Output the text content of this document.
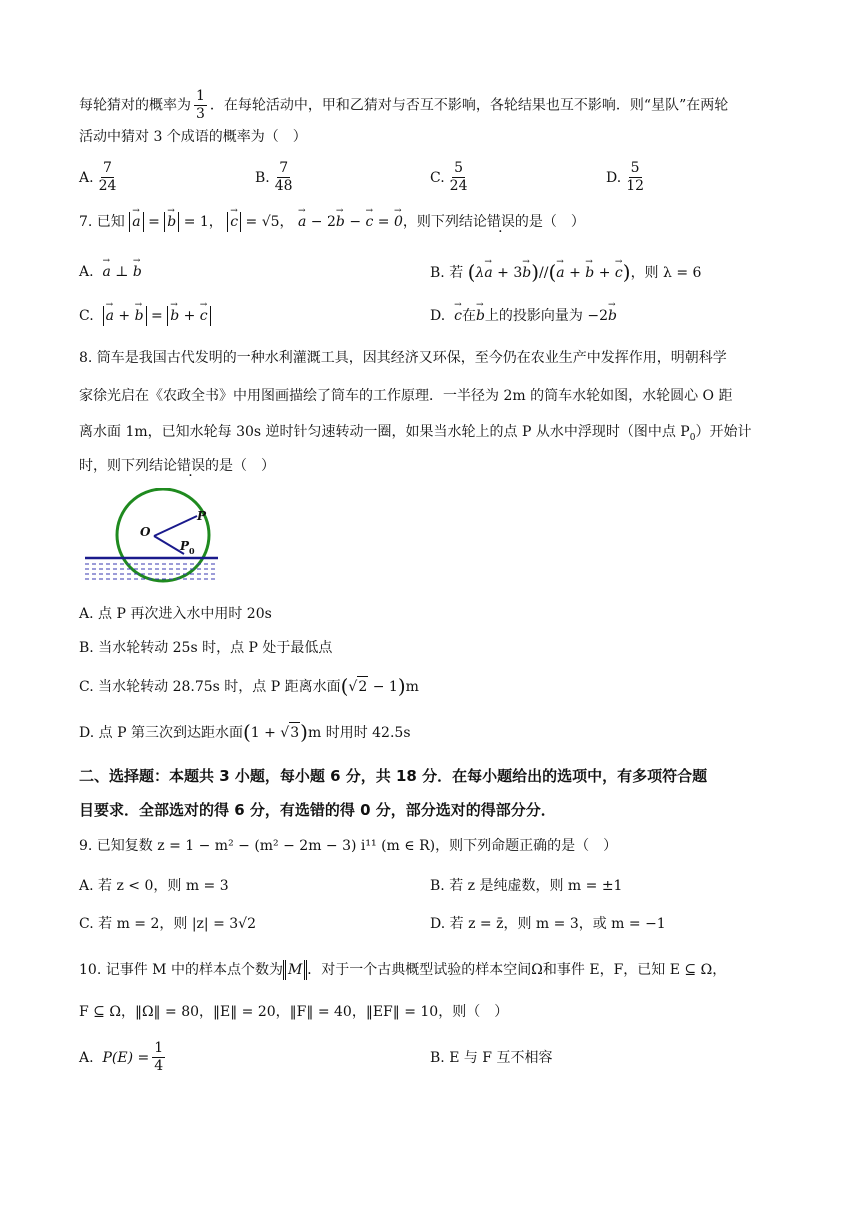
每轮猜对的概率为 $\frac{1}{3}$ ．在每轮活动中，甲和乙猜对与否互不影响，各轮结果也互不影响．则“星队”在两轮
活动中猜对 3 个成语的概率为（　）
A. $\frac{7}{24}$	B. $\frac{7}{48}$	C. $\frac{5}{24}$	D. $\frac{5}{12}$
7. 已知 → a = → b = 1， → c = √5， → a − 2→ b − → c = → 0，则下列结论错误的是（　）
A. → a ⊥ → b	B. 若 (λ→ a + 3→ b)//(→ a + → b + → c)，则 λ = 6
C. → a + → b = → b + → c	D. → c在→ b上的投影向量为 −2→ b
8. 筒车是我国古代发明的一种水利灌溉工具，因其经济又环保，至今仍在农业生产中发挥作用，明朝科学
家徐光启在《农政全书》中用图画描绘了筒车的工作原理．一半径为 2m 的筒车水轮如图，水轮圆心 O 距
离水面 1m，已知水轮每 30s 逆时针匀速转动一圈，如果当水轮上的点 P 从水中浮现时（图中点 $P_0$）开始计
时，则下列结论错误的是（　）
O
P
P 0
A. 点 P 再次进入水中用时 20s
B. 当水轮转动 25s 时，点 P 处于最低点
C. 当水轮转动 28.75s 时，点 P 距离水面(√2 − 1)m
D. 点 P 第三次到达距水面(1 + √3)m 时用时 42.5s
二、选择题：本题共 3 小题，每小题 6 分，共 18 分．在每小题给出的选项中，有多项符合题
目要求．全部选对的得 6 分，有选错的得 0 分，部分选对的得部分分．
9. 已知复数 z = 1 − m² − (m² − 2m − 3) i¹¹ (m ∈ R)，则下列命题正确的是（　）
A. 若 z < 0，则 m = 3	B. 若 z 是纯虚数，则 m = ±1
C. 若 m = 2，则 |z| = 3√2	D. 若 z = z̄，则 m = 3，或 m = −1
10. 记事件 M 中的样本点个数为 M ．对于一个古典概型试验的样本空间Ω和事件 E，F，已知 E ⊆ Ω，
F ⊆ Ω，‖Ω‖ = 80，‖E‖ = 20，‖F‖ = 40，‖EF‖ = 10，则（　）
A. $P(E) = \frac{1}{4}$	B. E 与 F 互不相容
